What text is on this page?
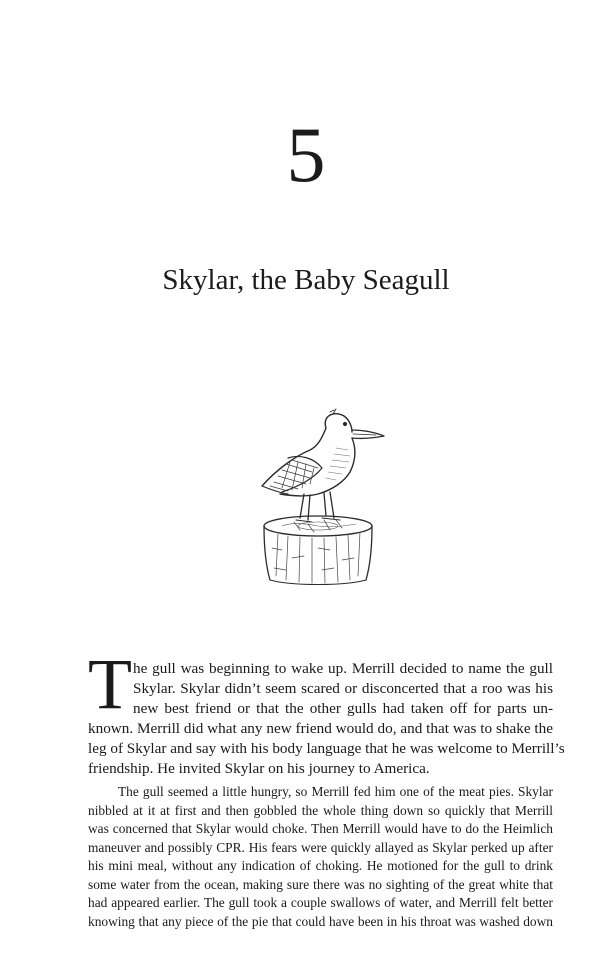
5
Skylar, the Baby Seagull
T he gull was beginning to wake up. Merrill decided to name the gull
Skylar. Skylar didn’t seem scared or disconcerted that a roo was his
new best friend or that the other gulls had taken off for parts un-
known. Merrill did what any new friend would do, and that was to shake the
leg of Skylar and say with his body language that he was welcome to Merrill’s
friendship. He invited Skylar on his journey to America.
The gull seemed a little hungry, so Merrill fed him one of the meat pies. Skylar
nibbled at it at first and then gobbled the whole thing down so quickly that Merrill
was concerned that Skylar would choke. Then Merrill would have to do the Heimlich
maneuver and possibly CPR. His fears were quickly allayed as Skylar perked up after
his mini meal, without any indication of choking. He motioned for the gull to drink
some water from the ocean, making sure there was no sighting of the great white that
had appeared earlier. The gull took a couple swallows of water, and Merrill felt better
knowing that any piece of the pie that could have been in his throat was washed down
